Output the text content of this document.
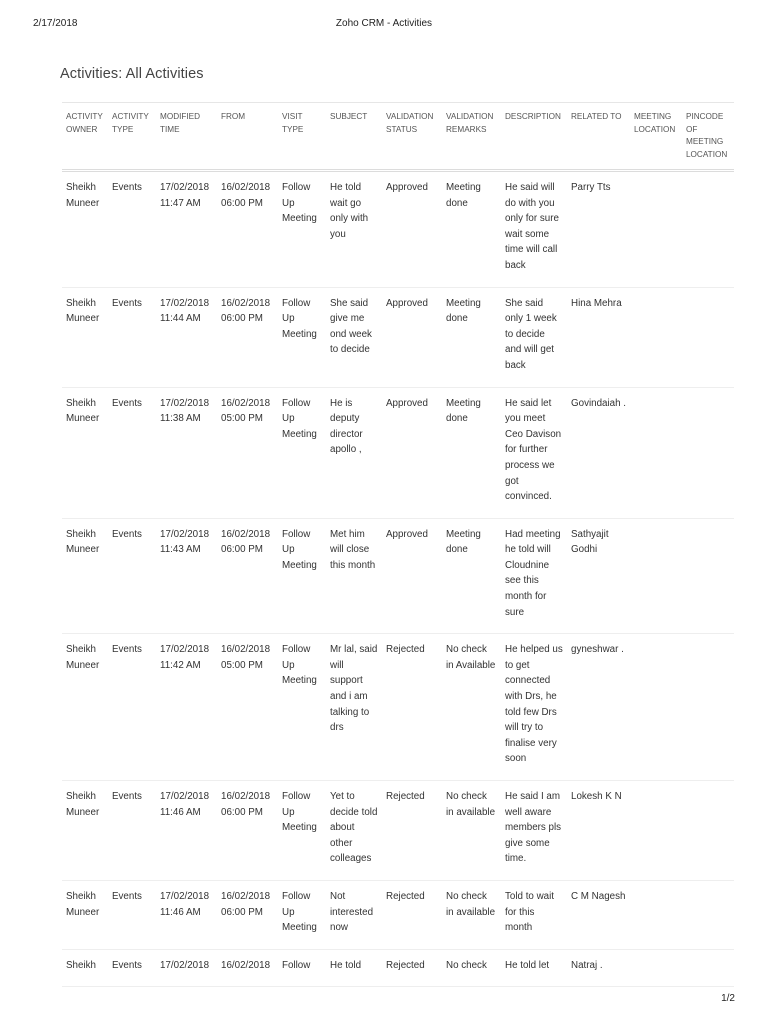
2/17/2018	Zoho CRM - Activities
Activities: All Activities
ACTIVITY OWNER	ACTIVITY TYPE	MODIFIED TIME	FROM	VISIT TYPE	SUBJECT	VALIDATION STATUS	VALIDATION REMARKS	DESCRIPTION	RELATED TO	MEETING LOCATION	PINCODE OF MEETING LOCATION
Sheikh Muneer	Events	17/02/2018 11:47 AM	16/02/2018 06:00 PM	Follow Up Meeting	He told wait go only with you	Approved	Meeting done	He said will do with you only for sure wait some time will call back	Parry Tts		
Sheikh Muneer	Events	17/02/2018 11:44 AM	16/02/2018 06:00 PM	Follow Up Meeting	She said give me ond week to decide	Approved	Meeting done	She said only 1 week to decide and will get back	Hina Mehra		
Sheikh Muneer	Events	17/02/2018 11:38 AM	16/02/2018 05:00 PM	Follow Up Meeting	He is deputy director apollo ,	Approved	Meeting done	He said let you meet Ceo Davison for further process we got convinced.	Govindaiah .		
Sheikh Muneer	Events	17/02/2018 11:43 AM	16/02/2018 06:00 PM	Follow Up Meeting	Met him will close this month	Approved	Meeting done	Had meeting he told will Cloudnine see this month for sure	Sathyajit Godhi		
Sheikh Muneer	Events	17/02/2018 11:42 AM	16/02/2018 05:00 PM	Follow Up Meeting	Mr lal, said will support and i am talking to drs	Rejected	No check in Available	He helped us to get connected with Drs, he told few Drs will try to finalise very soon	gyneshwar .		
Sheikh Muneer	Events	17/02/2018 11:46 AM	16/02/2018 06:00 PM	Follow Up Meeting	Yet to decide told about other colleages	Rejected	No check in available	He said I am well aware members pls give some time.	Lokesh K N		
Sheikh Muneer	Events	17/02/2018 11:46 AM	16/02/2018 06:00 PM	Follow Up Meeting	Not interested now	Rejected	No check in available	Told to wait for this month	C M Nagesh		
Sheikh	Events	17/02/2018	16/02/2018	Follow	He told	Rejected	No check	He told let	Natraj .		
1/2
